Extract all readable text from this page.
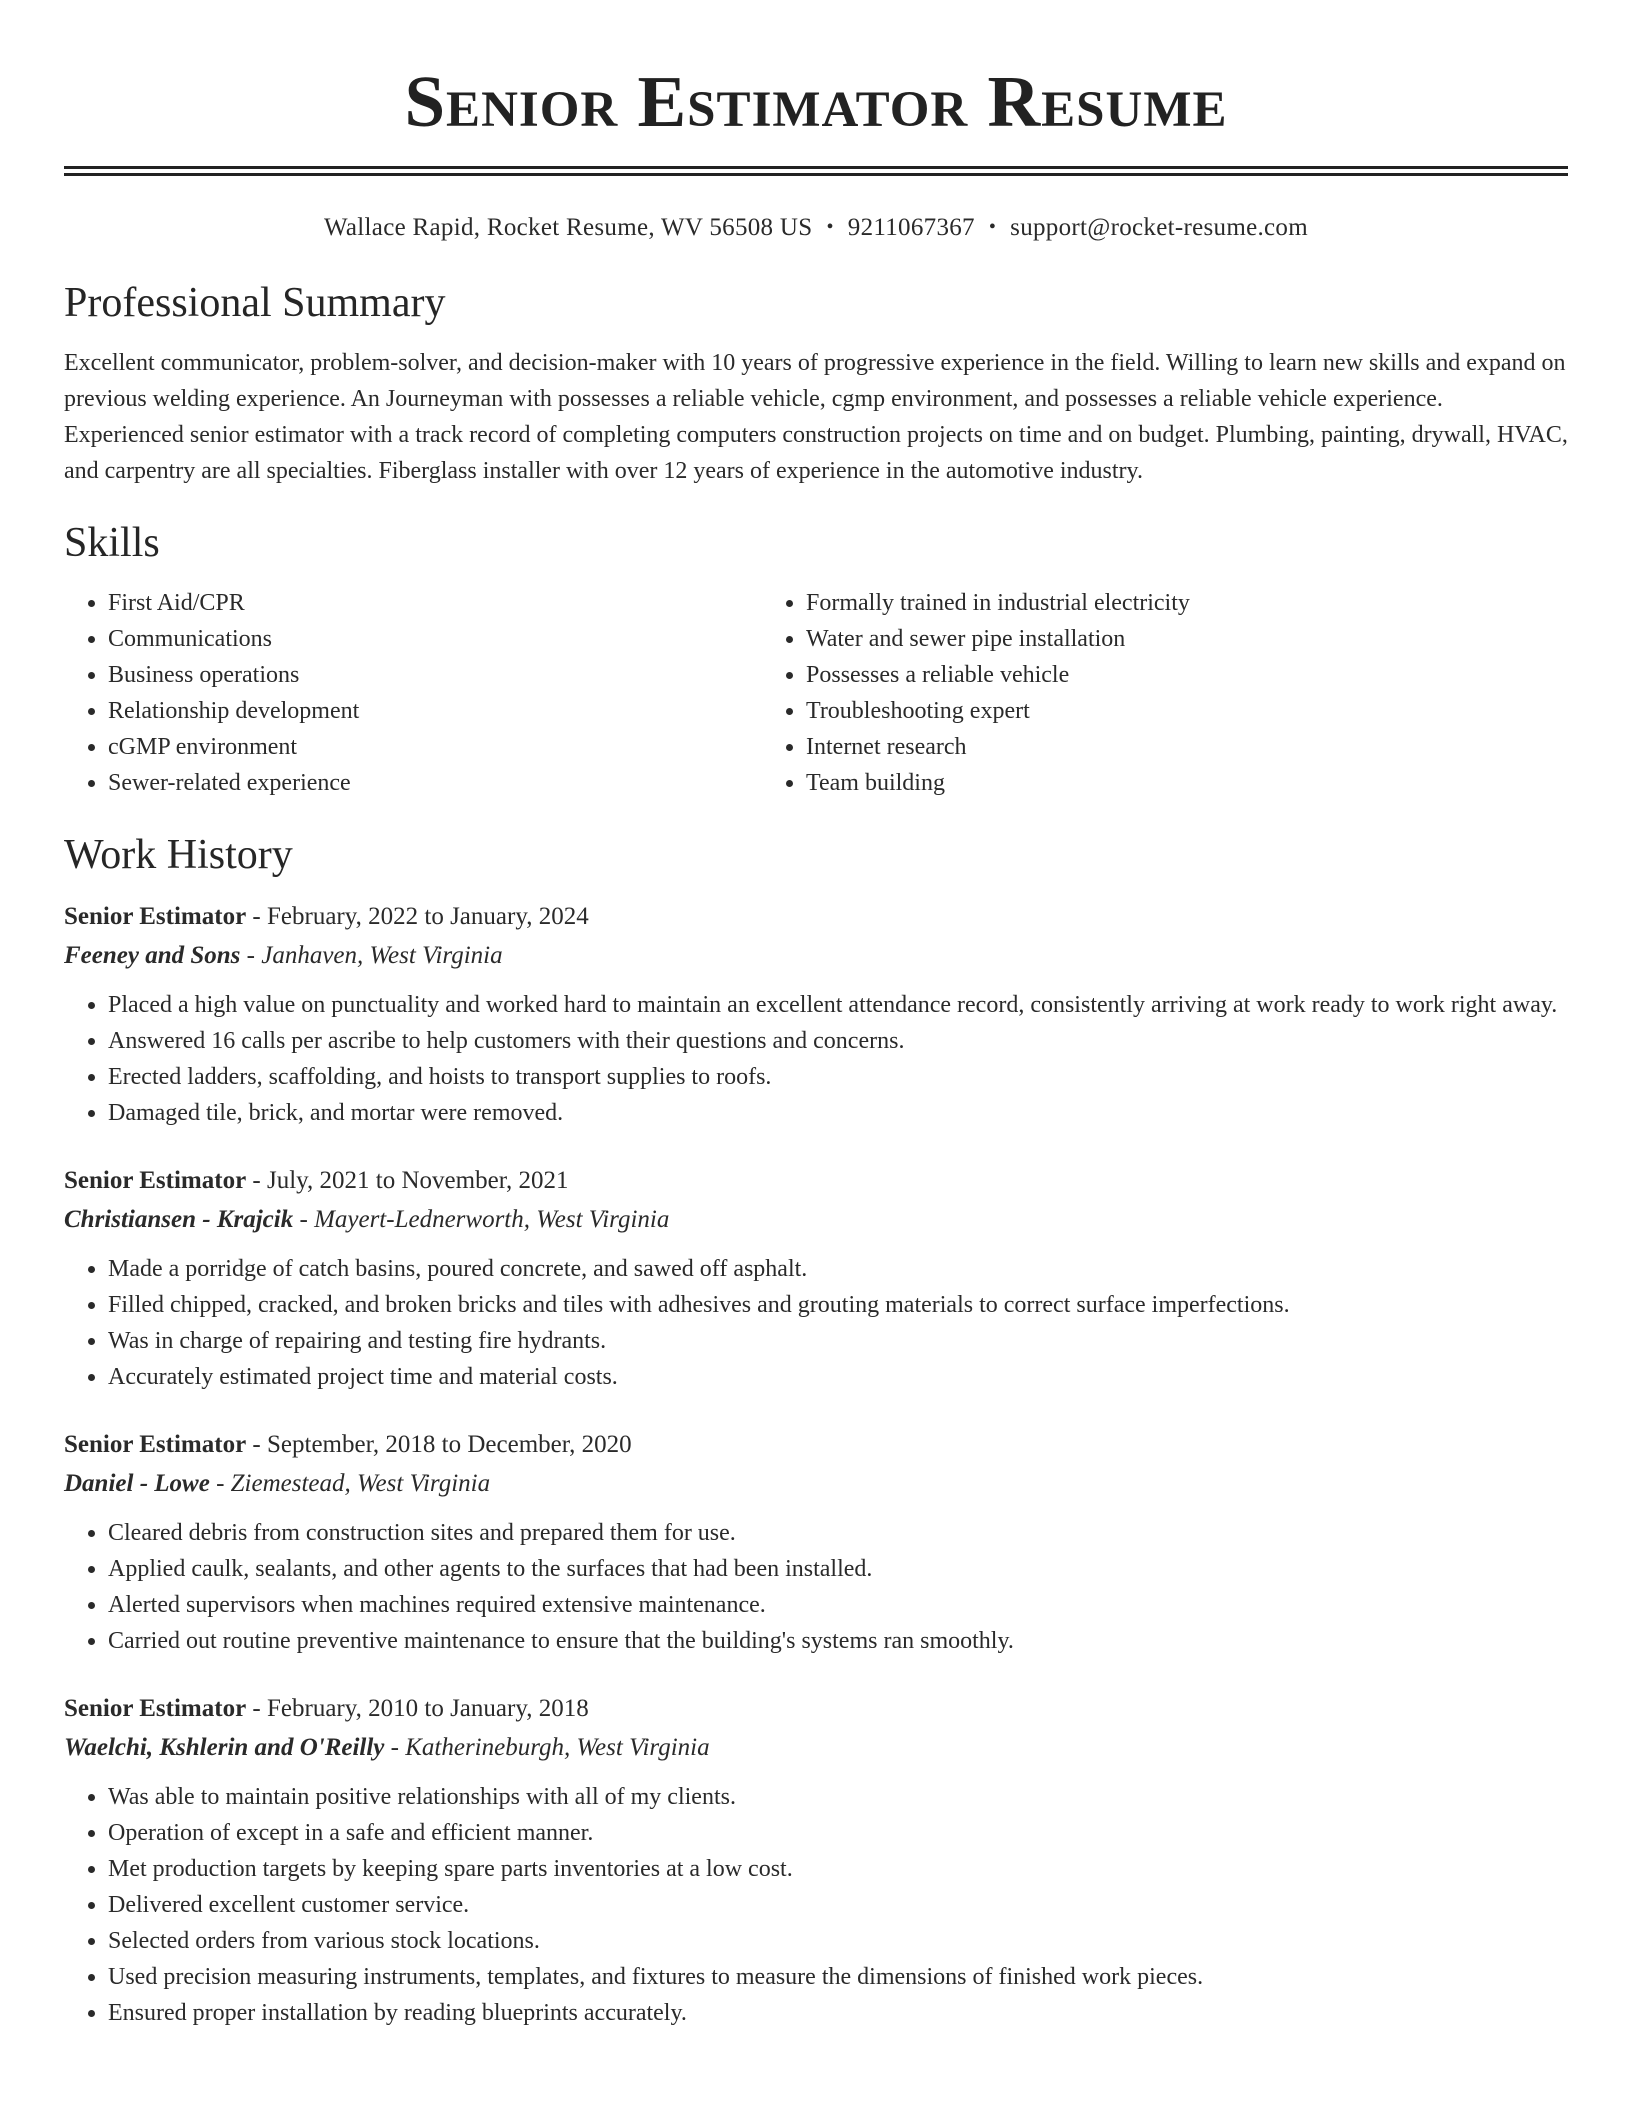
Senior Estimator Resume
Wallace Rapid, Rocket Resume, WV 56508 US • 9211067367 • support@rocket-resume.com
Professional Summary
Excellent communicator, problem-solver, and decision-maker with 10 years of progressive experience in the field. Willing to learn new skills and expand on previous welding experience. An Journeyman with possesses a reliable vehicle, cgmp environment, and possesses a reliable vehicle experience. Experienced senior estimator with a track record of completing computers construction projects on time and on budget. Plumbing, painting, drywall, HVAC, and carpentry are all specialties. Fiberglass installer with over 12 years of experience in the automotive industry.
Skills
• First Aid/CPR
• Communications
• Business operations
• Relationship development
• cGMP environment
• Sewer-related experience
• Formally trained in industrial electricity
• Water and sewer pipe installation
• Possesses a reliable vehicle
• Troubleshooting expert
• Internet research
• Team building
Work History
Senior Estimator - February, 2022 to January, 2024
Feeney and Sons - Janhaven, West Virginia
• Placed a high value on punctuality and worked hard to maintain an excellent attendance record, consistently arriving at work ready to work right away.
• Answered 16 calls per ascribe to help customers with their questions and concerns.
• Erected ladders, scaffolding, and hoists to transport supplies to roofs.
• Damaged tile, brick, and mortar were removed.
Senior Estimator - July, 2021 to November, 2021
Christiansen - Krajcik - Mayert-Lednerworth, West Virginia
• Made a porridge of catch basins, poured concrete, and sawed off asphalt.
• Filled chipped, cracked, and broken bricks and tiles with adhesives and grouting materials to correct surface imperfections.
• Was in charge of repairing and testing fire hydrants.
• Accurately estimated project time and material costs.
Senior Estimator - September, 2018 to December, 2020
Daniel - Lowe - Ziemestead, West Virginia
• Cleared debris from construction sites and prepared them for use.
• Applied caulk, sealants, and other agents to the surfaces that had been installed.
• Alerted supervisors when machines required extensive maintenance.
• Carried out routine preventive maintenance to ensure that the building's systems ran smoothly.
Senior Estimator - February, 2010 to January, 2018
Waelchi, Kshlerin and O'Reilly - Katherineburgh, West Virginia
• Was able to maintain positive relationships with all of my clients.
• Operation of except in a safe and efficient manner.
• Met production targets by keeping spare parts inventories at a low cost.
• Delivered excellent customer service.
• Selected orders from various stock locations.
• Used precision measuring instruments, templates, and fixtures to measure the dimensions of finished work pieces.
• Ensured proper installation by reading blueprints accurately.
